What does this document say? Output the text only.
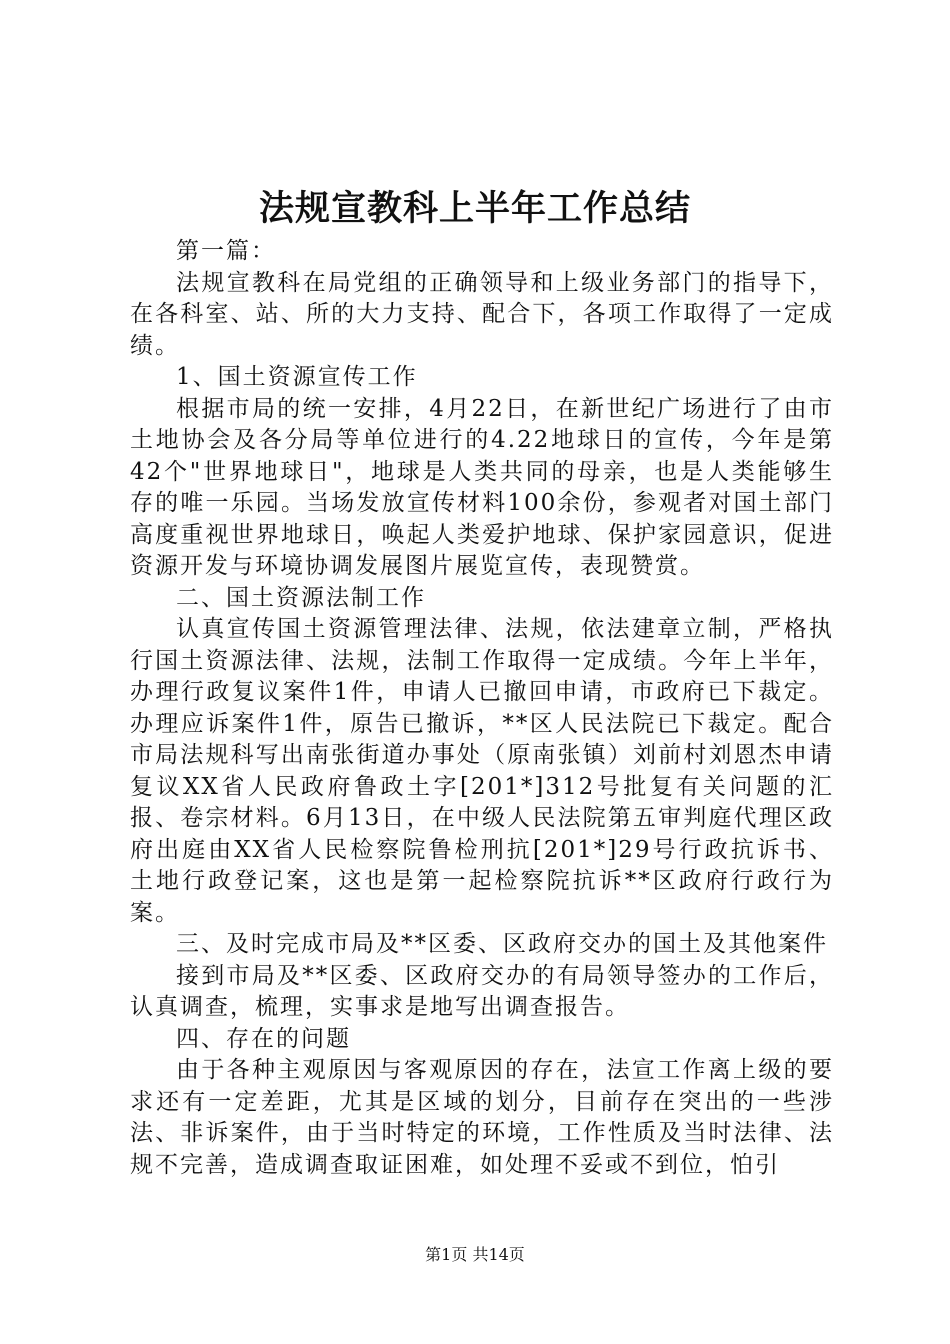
法规宣教科上半年工作总结

第一篇：

法规宣教科在局党组的正确领导和上级业务部门的指导下，在各科室、站、所的大力支持、配合下，各项工作取得了一定成绩。

1、国土资源宣传工作

根据市局的统一安排，4月22日，在新世纪广场进行了由市土地协会及各分局等单位进行的4.22地球日的宣传，今年是第42个"世界地球日"，地球是人类共同的母亲，也是人类能够生存的唯一乐园。当场发放宣传材料100余份，参观者对国土部门高度重视世界地球日，唤起人类爱护地球、保护家园意识，促进资源开发与环境协调发展图片展览宣传，表现赞赏。

二、国土资源法制工作

认真宣传国土资源管理法律、法规，依法建章立制，严格执行国土资源法律、法规，法制工作取得一定成绩。今年上半年，办理行政复议案件1件，申请人已撤回申请，市政府已下裁定。办理应诉案件1件，原告已撤诉，**区人民法院已下裁定。配合市局法规科写出南张街道办事处（原南张镇）刘前村刘恩杰申请复议XX省人民政府鲁政土字[201*]312号批复有关问题的汇报、卷宗材料。6月13日，在中级人民法院第五审判庭代理区政府出庭由XX省人民检察院鲁检刑抗[201*]29号行政抗诉书、土地行政登记案，这也是第一起检察院抗诉**区政府行政行为案。

三、及时完成市局及**区委、区政府交办的国土及其他案件

接到市局及**区委、区政府交办的有局领导签办的工作后，认真调查，梳理，实事求是地写出调查报告。

四、存在的问题

由于各种主观原因与客观原因的存在，法宣工作离上级的要求还有一定差距，尤其是区域的划分，目前存在突出的一些涉法、非诉案件，由于当时特定的环境，工作性质及当时法律、法规不完善，造成调查取证困难，如处理不妥或不到位，怕引

第1页 共14页
